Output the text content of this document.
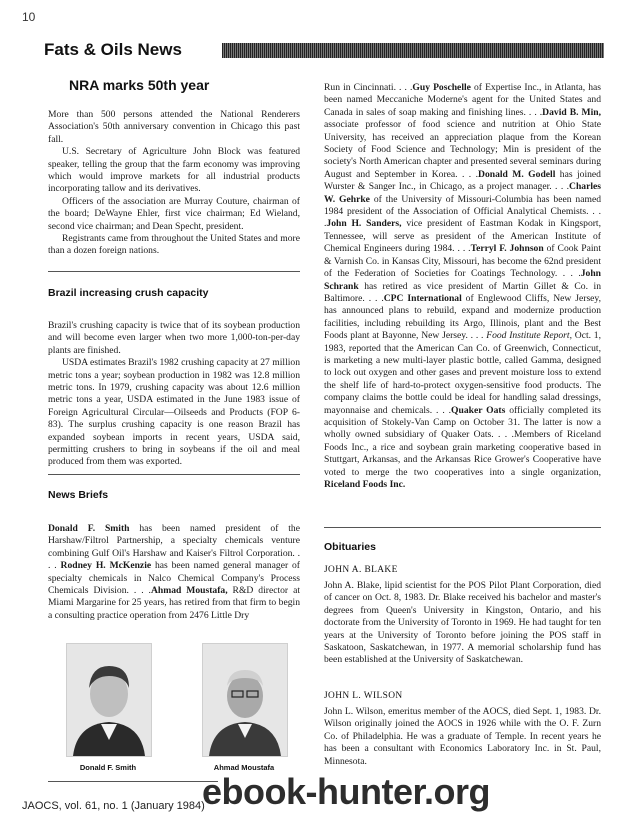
10
Fats & Oils News
NRA marks 50th year

More than 500 persons attended the National Renderers Association's 50th anniversary convention in Chicago this past fall.

U.S. Secretary of Agriculture John Block was featured speaker, telling the group that the farm economy was improving which would improve markets for all industrial products incorporating tallow and its derivatives.

Officers of the association are Murray Couture, chairman of the board; DeWayne Ehler, first vice chairman; Ed Wieland, second vice chairman; and Dean Specht, president.

Registrants came from throughout the United States and more than a dozen foreign nations.

Brazil increasing crush capacity

Brazil's crushing capacity is twice that of its soybean production and will become even larger when two more 1,000-ton-per-day plants are finished.

USDA estimates Brazil's 1982 crushing capacity at 27 million metric tons a year; soybean production in 1982 was 12.8 million metric tons. In 1979, crushing capacity was about 12.6 million metric tons a year, USDA estimated in the June 1983 issue of Foreign Agricultural Circular—Oilseeds and Products (FOP 6-83). The surplus crushing capacity is one reason Brazil has expanded soybean imports in recent years, USDA said, permitting crushers to bring in soybeans if the oil and meal produced from them was exported.

News Briefs

Donald F. Smith has been named president of the Harshaw/Filtrol Partnership, a specialty chemicals venture combining Gulf Oil's Harshaw and Kaiser's Filtrol Corporation. . . . Rodney H. McKenzie has been named general manager of specialty chemicals in Nalco Chemical Company's Process Chemicals Division. . . .Ahmad Moustafa, R&D director at Miami Margarine for 25 years, has retired from that firm to begin a consulting practice operation from 2476 Little Dry

Donald F. Smith	Ahmad Moustafa

Run in Cincinnati. . . .Guy Poschelle of Expertise Inc., in Atlanta, has been named Meccaniche Moderne's agent for the United States and Canada in sales of soap making and finishing lines. . . .David B. Min, associate professor of food science and nutrition at Ohio State University, has received an appreciation plaque from the Korean Society of Food Science and Technology; Min is president of the society's North American chapter and presented several seminars during August and September in Korea. . . .Donald M. Godell has joined Wurster & Sanger Inc., in Chicago, as a project manager. . . .Charles W. Gehrke of the University of Missouri-Columbia has been named 1984 president of the Association of Official Analytical Chemists. . . .John H. Sanders, vice president of Eastman Kodak in Kingsport, Tennessee, will serve as president of the American Institute of Chemical Engineers during 1984. . . .Terryl F. Johnson of Cook Paint & Varnish Co. in Kansas City, Missouri, has become the 62nd president of the Federation of Societies for Coatings Technology. . . .John Schrank has retired as vice president of Martin Gillet & Co. in Baltimore. . . .CPC International of Englewood Cliffs, New Jersey, has announced plans to rebuild, expand and modernize production facilities, including rebuilding its Argo, Illinois, plant and the Best Foods plant at Bayonne, New Jersey. . . . Food Institute Report, Oct. 1, 1983, reported that the American Can Co. of Greenwich, Connecticut, is marketing a new multi-layer plastic bottle, called Gamma, designed to lock out oxygen and other gases and prevent moisture loss to extend the shelf life of hard-to-protect oxygen-sensitive food products. The company claims the bottle could be ideal for handling salad dressings, mayonnaise and chemicals. . . .Quaker Oats officially completed its acquisition of Stokely-Van Camp on October 31. The latter is now a wholly owned subsidiary of Quaker Oats. . . .Members of Riceland Foods Inc., a rice and soybean grain marketing cooperative based in Stuttgart, Arkansas, and the Arkansas Rice Grower's Cooperative have voted to merge the two cooperatives into a single organization, Riceland Foods Inc.

Obituaries
JOHN A. BLAKE

John A. Blake, lipid scientist for the POS Pilot Plant Corporation, died of cancer on Oct. 8, 1983. Dr. Blake received his bachelor and master's degrees from Queen's University in Kingston, Ontario, and his doctorate from the University of Toronto in 1969. He had taught for ten years at the University of Toronto before joining the POS staff in Saskatoon, Saskatchewan, in 1977. A memorial scholarship fund has been established at the University of Saskatchewan.

JOHN L. WILSON

John L. Wilson, emeritus member of the AOCS, died Sept. 1, 1983. Dr. Wilson originally joined the AOCS in 1926 while with the O. F. Zurn Co. of Philadelphia. He was a graduate of Temple. In recent years he has been a consultant with Economics Laboratory Inc. in St. Paul, Minnesota.

JAOCS, vol. 61, no. 1 (January 1984)
ebook-hunter.org
